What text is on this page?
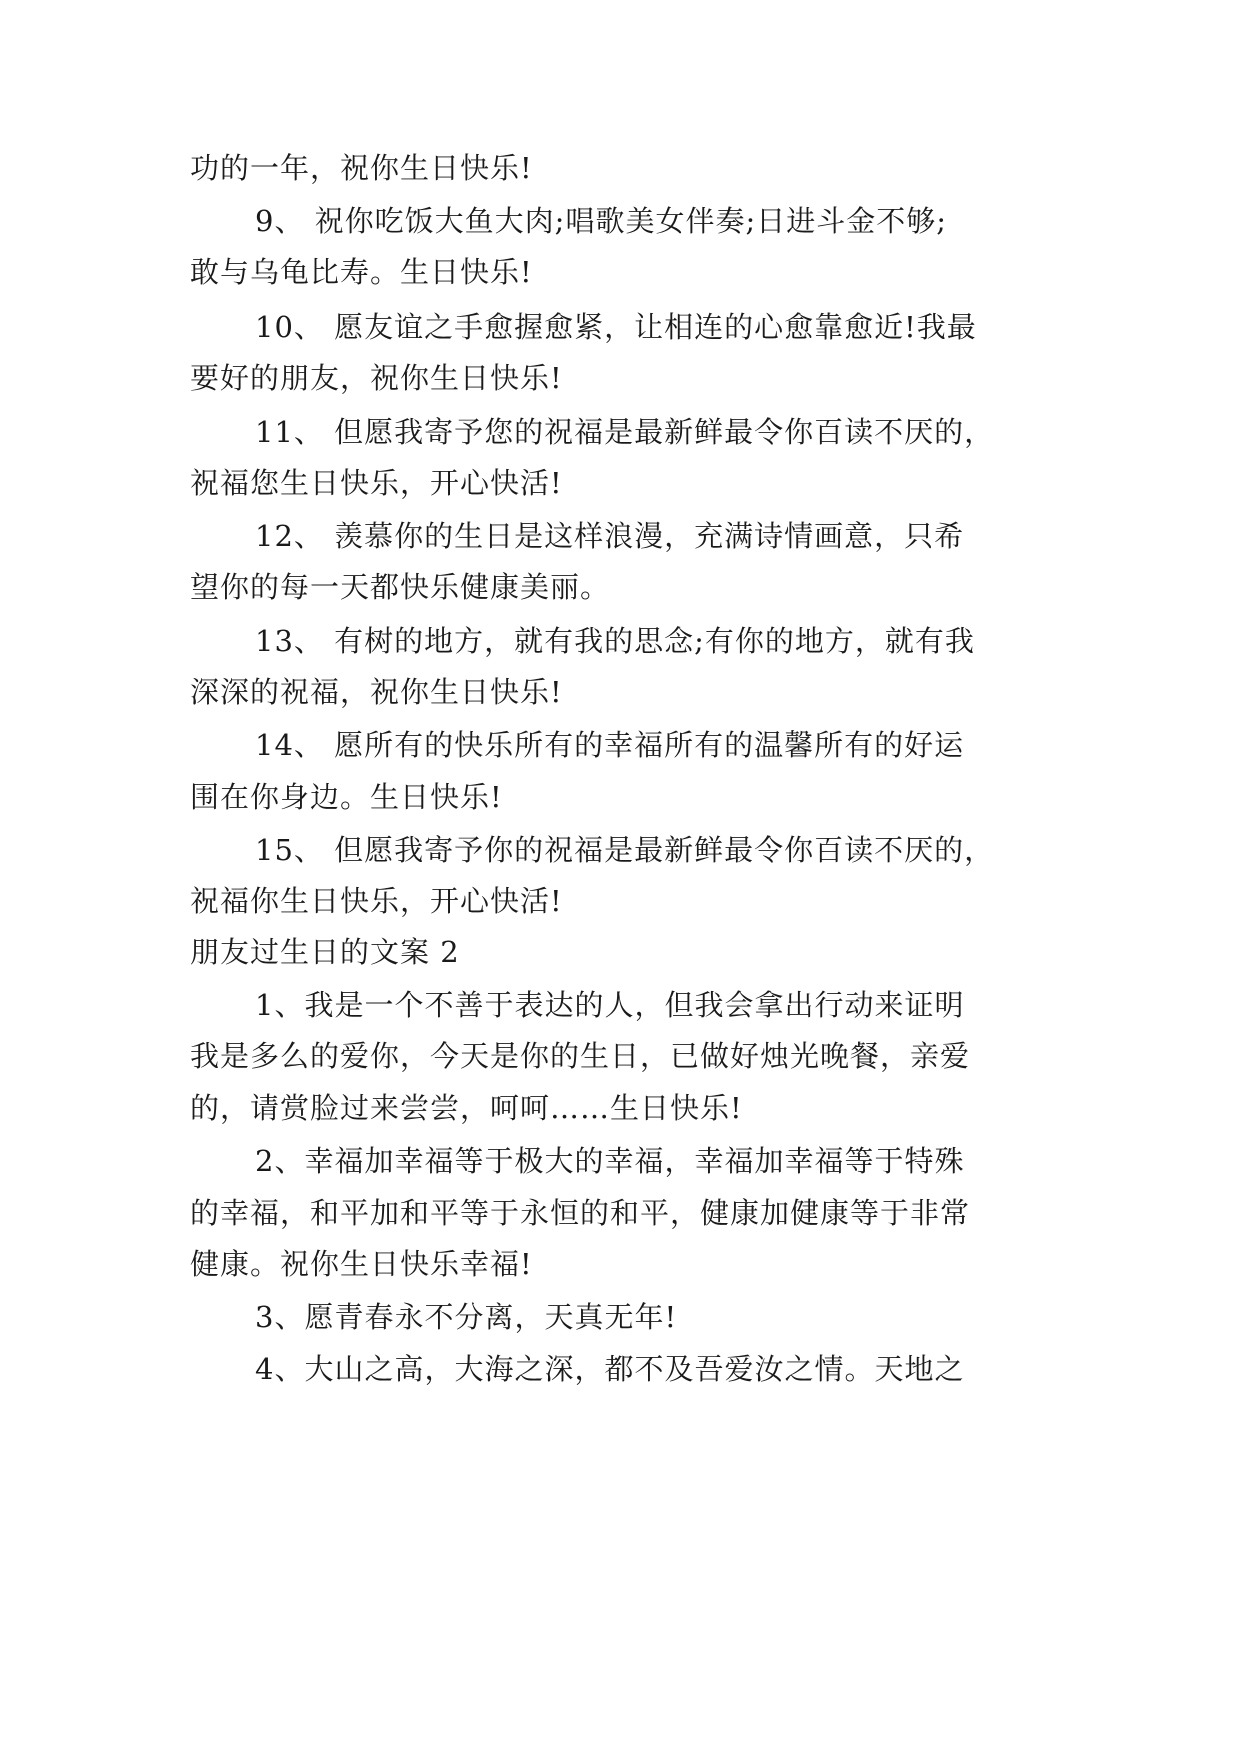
功的一年，祝你生日快乐!
9、 祝你吃饭大鱼大肉;唱歌美女伴奏;日进斗金不够;
敢与乌龟比寿。生日快乐!
10、 愿友谊之手愈握愈紧，让相连的心愈靠愈近!我最
要好的朋友，祝你生日快乐!
11、 但愿我寄予您的祝福是最新鲜最令你百读不厌的，
祝福您生日快乐，开心快活!
12、 羡慕你的生日是这样浪漫，充满诗情画意，只希
望你的每一天都快乐健康美丽。
13、 有树的地方，就有我的思念;有你的地方，就有我
深深的祝福，祝你生日快乐!
14、 愿所有的快乐所有的幸福所有的温馨所有的好运
围在你身边。生日快乐!
15、 但愿我寄予你的祝福是最新鲜最令你百读不厌的，
祝福你生日快乐，开心快活!
朋友过生日的文案 2
1、我是一个不善于表达的人，但我会拿出行动来证明
我是多么的爱你，今天是你的生日，已做好烛光晚餐，亲爱
的，请赏脸过来尝尝，呵呵……生日快乐!
2、幸福加幸福等于极大的幸福，幸福加幸福等于特殊
的幸福，和平加和平等于永恒的和平，健康加健康等于非常
健康。祝你生日快乐幸福!
3、愿青春永不分离，天真无年!
4、大山之高，大海之深，都不及吾爱汝之情。天地之
